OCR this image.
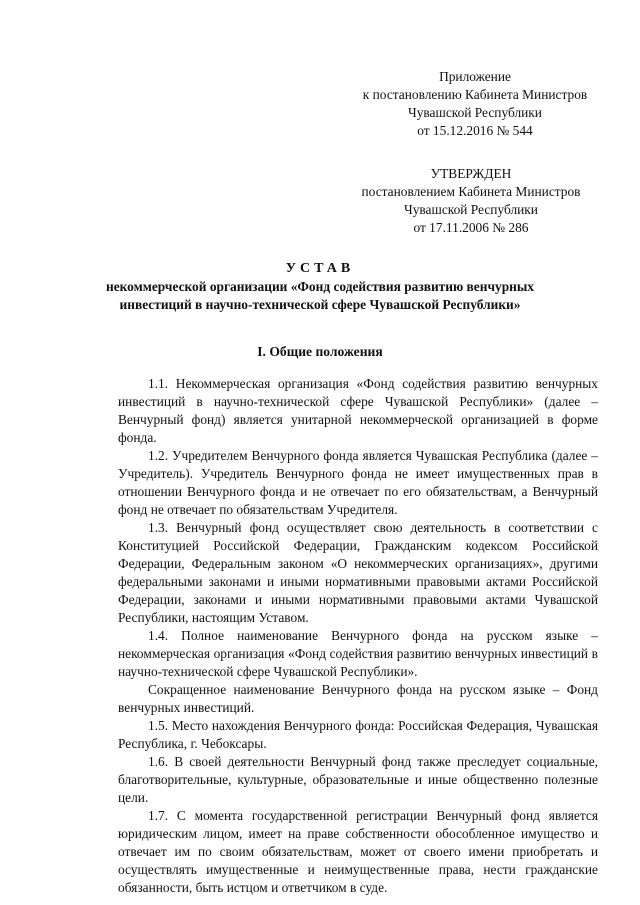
Приложение
к постановлению Кабинета Министров
Чувашской Республики
от 15.12.2016 № 544
УТВЕРЖДЕН
постановлением Кабинета Министров
Чувашской Республики
от 17.11.2006 № 286
УСТАВ
некоммерческой организации «Фонд содействия развитию венчурных
инвестиций в научно-технической сфере Чувашской Республики»
I. Общие положения

1.1. Некоммерческая организация «Фонд содействия развитию венчурных инвестиций в научно-технической сфере Чувашской Республики» (далее – Венчурный фонд) является унитарной некоммерческой организацией в форме фонда.

1.2. Учредителем Венчурного фонда является Чувашская Республика (далее – Учредитель). Учредитель Венчурного фонда не имеет имущественных прав в отношении Венчурного фонда и не отвечает по его обязательствам, а Венчурный фонд не отвечает по обязательствам Учредителя.

1.3. Венчурный фонд осуществляет свою деятельность в соответствии с Конституцией Российской Федерации, Гражданским кодексом Российской Федерации, Федеральным законом «О некоммерческих организациях», другими федеральными законами и иными нормативными правовыми актами Российской Федерации, законами и иными нормативными правовыми актами Чувашской Республики, настоящим Уставом.

1.4. Полное наименование Венчурного фонда на русском языке – некоммерческая организация «Фонд содействия развитию венчурных инвестиций в научно-технической сфере Чувашской Республики».

Сокращенное наименование Венчурного фонда на русском языке – Фонд венчурных инвестиций.

1.5. Место нахождения Венчурного фонда: Российская Федерация, Чувашская Республика, г. Чебоксары.

1.6. В своей деятельности Венчурный фонд также преследует социальные, благотворительные, культурные, образовательные и иные общественно полезные цели.

1.7. С момента государственной регистрации Венчурный фонд является юридическим лицом, имеет на праве собственности обособленное имущество и отвечает им по своим обязательствам, может от своего имени приобретать и осуществлять имущественные и неимущественные права, нести гражданские обязанности, быть истцом и ответчиком в суде.
